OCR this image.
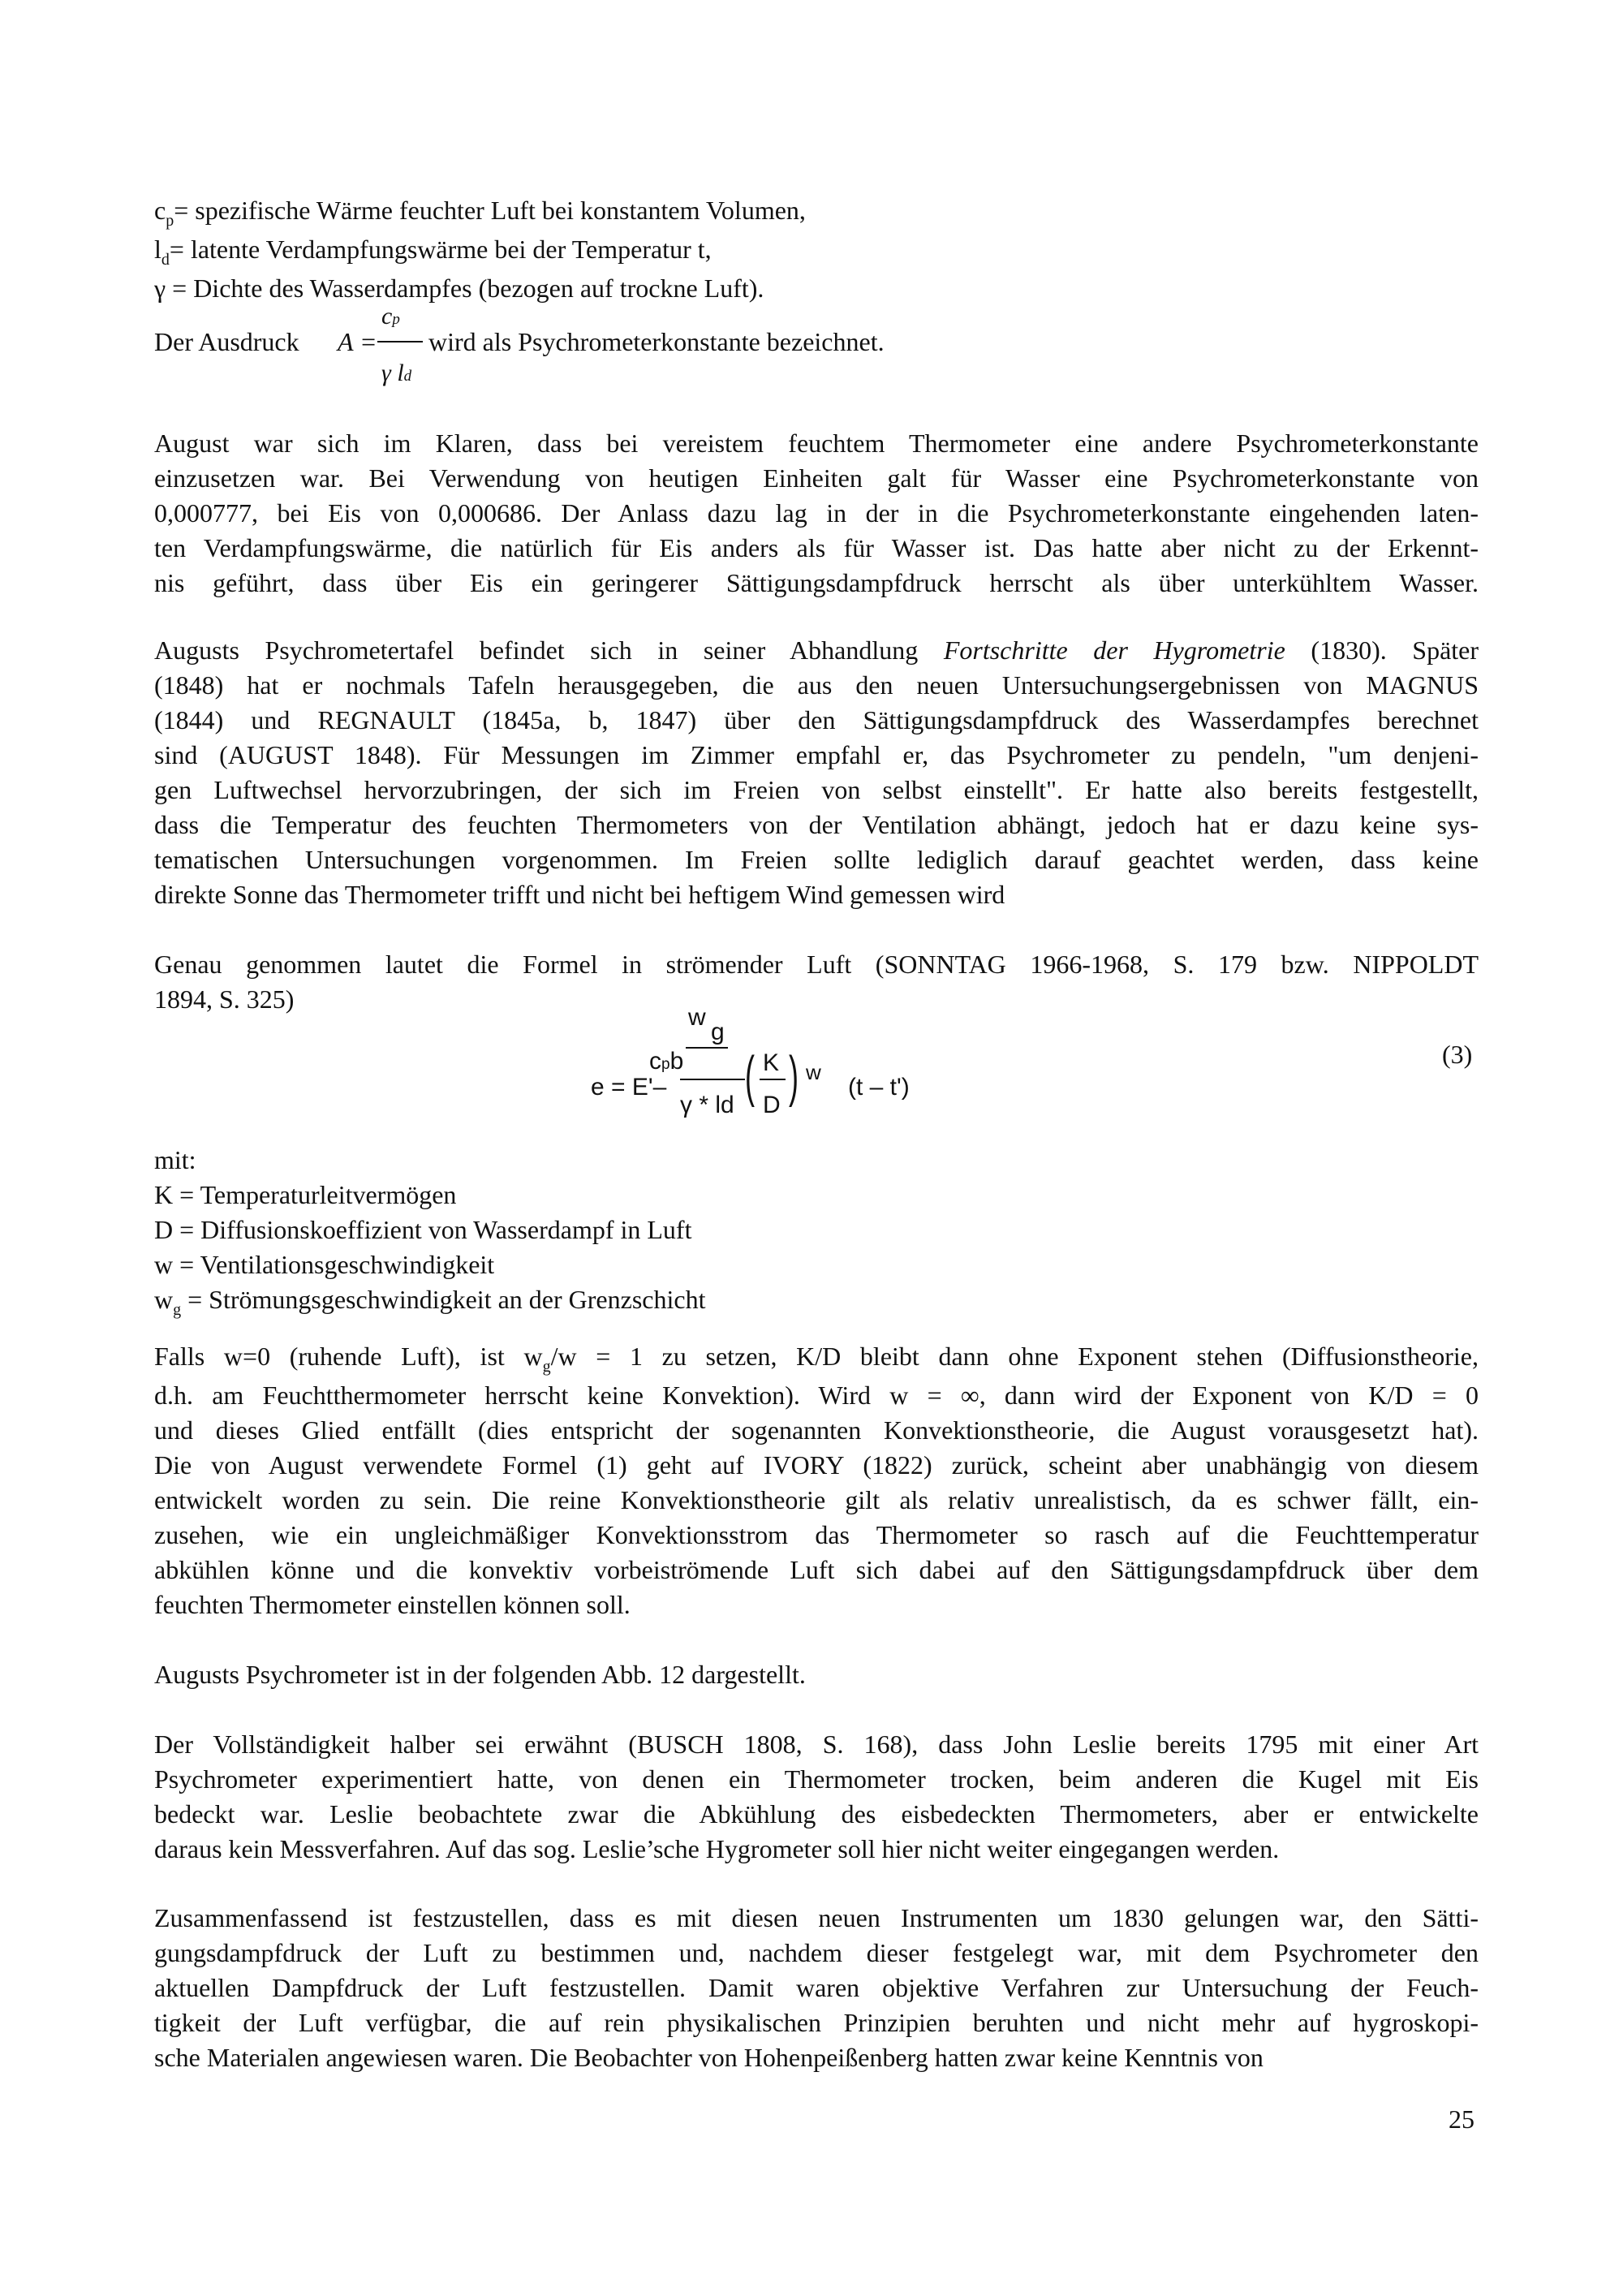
$c_p=$ spezifische Wärme feuchter Luft bei konstantem Volumen,
$l_d=$ latente Verdampfungswärme bei der Temperatur t,
γ = Dichte des Wasserdampfes (bezogen auf trockne Luft).
Der Ausdruck A =
cp
γ ld
wird als Psychrometerkonstante bezeichnet.
August war sich im Klaren, dass bei vereistem feuchtem Thermometer eine andere Psychrometerkonstante
einzusetzen war. Bei Verwendung von heutigen Einheiten galt für Wasser eine Psychrometerkonstante von
0,000777, bei Eis von 0,000686. Der Anlass dazu lag in der in die Psychrometerkonstante eingehenden laten-
ten Verdampfungswärme, die natürlich für Eis anders als für Wasser ist. Das hatte aber nicht zu der Erkennt-
nis geführt, dass über Eis ein geringerer Sättigungsdampfdruck herrscht als über unterkühltem Wasser.
Augusts Psychrometertafel befindet sich in seiner Abhandlung Fortschritte der Hygrometrie (1830). Später
(1848) hat er nochmals Tafeln herausgegeben, die aus den neuen Untersuchungsergebnissen von MAGNUS
(1844) und REGNAULT (1845a, b, 1847) über den Sättigungsdampfdruck des Wasserdampfes berechnet
sind (AUGUST 1848). Für Messungen im Zimmer empfahl er, das Psychrometer zu pendeln, "um denjeni-
gen Luftwechsel hervorzubringen, der sich im Freien von selbst einstellt". Er hatte also bereits festgestellt,
dass die Temperatur des feuchten Thermometers von der Ventilation abhängt, jedoch hat er dazu keine sys-
tematischen Untersuchungen vorgenommen. Im Freien sollte lediglich darauf geachtet werden, dass keine
direkte Sonne das Thermometer trifft und nicht bei heftigem Wind gemessen wird
Genau genommen lautet die Formel in strömender Luft (SONNTAG 1966-1968, S. 179 bzw. NIPPOLDT
1894, S. 325)
w
g
e = E'–
cpb
γ * ld ( K
D ) w
(t – t')
(3)
mit:
K = Temperaturleitvermögen
D = Diffusionskoeffizient von Wasserdampf in Luft
w = Ventilationsgeschwindigkeit
$w_g$ = Strömungsgeschwindigkeit an der Grenzschicht
Falls w=0 (ruhende Luft), ist $w_g/w = 1$ zu setzen, K/D bleibt dann ohne Exponent stehen (Diffusionstheorie,
d.h. am Feuchtthermometer herrscht keine Konvektion). Wird w = ∞, dann wird der Exponent von K/D = 0
und dieses Glied entfällt (dies entspricht der sogenannten Konvektionstheorie, die August vorausgesetzt hat).
Die von August verwendete Formel (1) geht auf IVORY (1822) zurück, scheint aber unabhängig von diesem
entwickelt worden zu sein. Die reine Konvektionstheorie gilt als relativ unrealistisch, da es schwer fällt, ein-
zusehen, wie ein ungleichmäßiger Konvektionsstrom das Thermometer so rasch auf die Feuchttemperatur
abkühlen könne und die konvektiv vorbeiströmende Luft sich dabei auf den Sättigungsdampfdruck über dem
feuchten Thermometer einstellen können soll.
Augusts Psychrometer ist in der folgenden Abb. 12 dargestellt.
Der Vollständigkeit halber sei erwähnt (BUSCH 1808, S. 168), dass John Leslie bereits 1795 mit einer Art
Psychrometer experimentiert hatte, von denen ein Thermometer trocken, beim anderen die Kugel mit Eis
bedeckt war. Leslie beobachtete zwar die Abkühlung des eisbedeckten Thermometers, aber er entwickelte
daraus kein Messverfahren. Auf das sog. Leslie’sche Hygrometer soll hier nicht weiter eingegangen werden.
Zusammenfassend ist festzustellen, dass es mit diesen neuen Instrumenten um 1830 gelungen war, den Sätti-
gungsdampfdruck der Luft zu bestimmen und, nachdem dieser festgelegt war, mit dem Psychrometer den
aktuellen Dampfdruck der Luft festzustellen. Damit waren objektive Verfahren zur Untersuchung der Feuch-
tigkeit der Luft verfügbar, die auf rein physikalischen Prinzipien beruhten und nicht mehr auf hygroskopi-
sche Materialen angewiesen waren. Die Beobachter von Hohenpeißenberg hatten zwar keine Kenntnis von
25
